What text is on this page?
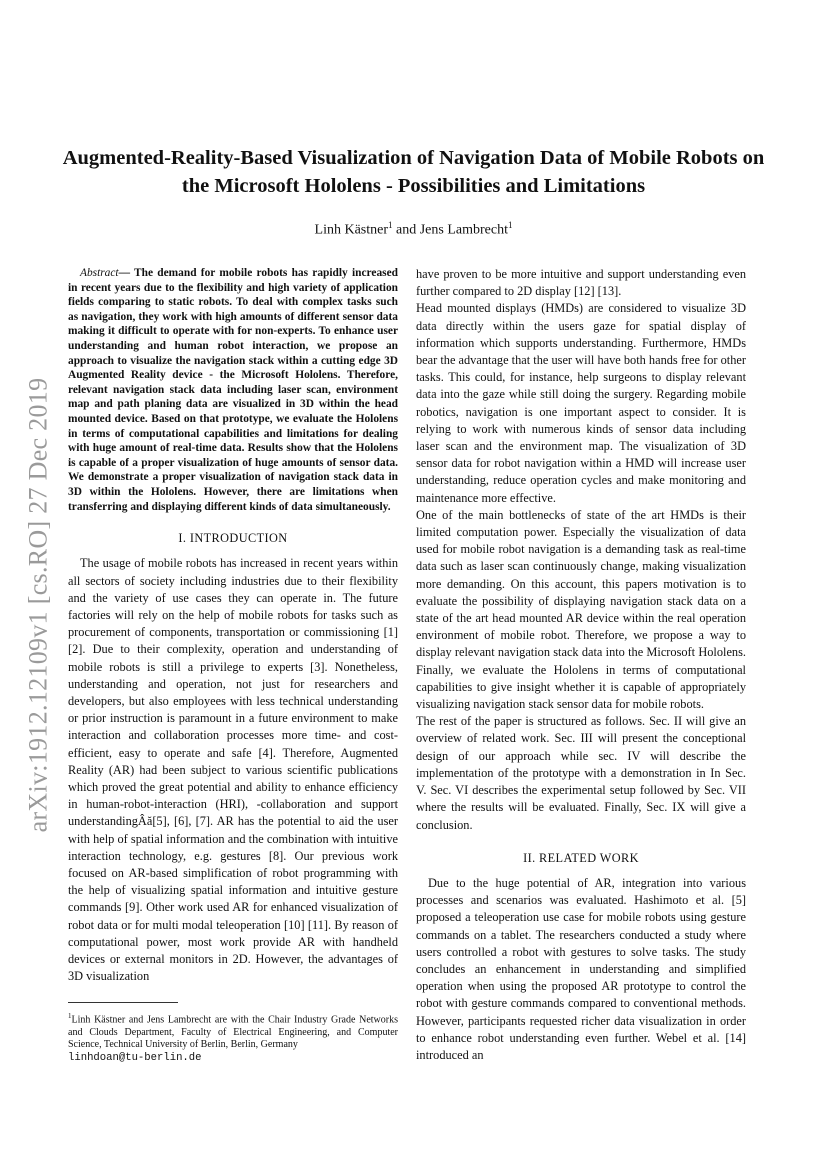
arXiv:1912.12109v1 [cs.RO] 27 Dec 2019
Augmented-Reality-Based Visualization of Navigation Data of Mobile Robots on the Microsoft Hololens - Possibilities and Limitations
Linh Kästner$^1$ and Jens Lambrecht$^1$

Abstract— The demand for mobile robots has rapidly increased in recent years due to the flexibility and high variety of application fields comparing to static robots. To deal with complex tasks such as navigation, they work with high amounts of different sensor data making it difficult to operate with for non-experts. To enhance user understanding and human robot interaction, we propose an approach to visualize the navigation stack within a cutting edge 3D Augmented Reality device - the Microsoft Hololens. Therefore, relevant navigation stack data including laser scan, environment map and path planing data are visualized in 3D within the head mounted device. Based on that prototype, we evaluate the Hololens in terms of computational capabilities and limitations for dealing with huge amount of real-time data. Results show that the Hololens is capable of a proper visualization of huge amounts of sensor data. We demonstrate a proper visualization of navigation stack data in 3D within the Hololens. However, there are limitations when transferring and displaying different kinds of data simultaneously.

I. INTRODUCTION

The usage of mobile robots has increased in recent years within all sectors of society including industries due to their flexibility and the variety of use cases they can operate in. The future factories will rely on the help of mobile robots for tasks such as procurement of components, transportation or commissioning [1] [2]. Due to their complexity, operation and understanding of mobile robots is still a privilege to experts [3]. Nonetheless, understanding and operation, not just for researchers and developers, but also employees with less technical understanding or prior instruction is paramount in a future environment to make interaction and collaboration processes more time- and cost-efficient, easy to operate and safe [4]. Therefore, Augmented Reality (AR) had been subject to various scientific publications which proved the great potential and ability to enhance efficiency in human-robot-interaction (HRI), -collaboration and support understandingÂă[5], [6], [7]. AR has the potential to aid the user with help of spatial information and the combination with intuitive interaction technology, e.g. gestures [8]. Our previous work focused on AR-based simplification of robot programming with the help of visualizing spatial information and intuitive gesture commands [9]. Other work used AR for enhanced visualization of robot data or for multi modal teleoperation [10] [11]. By reason of computational power, most work provide AR with handheld devices or external monitors in 2D. However, the advantages of 3D visualization

$^1$Linh Kästner and Jens Lambrecht are with the Chair Industry Grade Networks and Clouds Department, Faculty of Electrical Engineering, and Computer Science, Technical University of Berlin, Berlin, Germany
linhdoan@tu-berlin.de

have proven to be more intuitive and support understanding even further compared to 2D display [12] [13].

Head mounted displays (HMDs) are considered to visualize 3D data directly within the users gaze for spatial display of information which supports understanding. Furthermore, HMDs bear the advantage that the user will have both hands free for other tasks. This could, for instance, help surgeons to display relevant data into the gaze while still doing the surgery. Regarding mobile robotics, navigation is one important aspect to consider. It is relying to work with numerous kinds of sensor data including laser scan and the environment map. The visualization of 3D sensor data for robot navigation within a HMD will increase user understanding, reduce operation cycles and make monitoring and maintenance more effective.

One of the main bottlenecks of state of the art HMDs is their limited computation power. Especially the visualization of data used for mobile robot navigation is a demanding task as real-time data such as laser scan continuously change, making visualization more demanding. On this account, this papers motivation is to evaluate the possibility of displaying navigation stack data on a state of the art head mounted AR device within the real operation environment of mobile robot. Therefore, we propose a way to display relevant navigation stack data into the Microsoft Hololens. Finally, we evaluate the Hololens in terms of computational capabilities to give insight whether it is capable of appropriately visualizing navigation stack sensor data for mobile robots.

The rest of the paper is structured as follows. Sec. II will give an overview of related work. Sec. III will present the conceptional design of our approach while sec. IV will describe the implementation of the prototype with a demonstration in In Sec. V. Sec. VI describes the experimental setup followed by Sec. VII where the results will be evaluated. Finally, Sec. IX will give a conclusion.

II. RELATED WORK

Due to the huge potential of AR, integration into various processes and scenarios was evaluated. Hashimoto et al. [5] proposed a teleoperation use case for mobile robots using gesture commands on a tablet. The researchers conducted a study where users controlled a robot with gestures to solve tasks. The study concludes an enhancement in understanding and simplified operation when using the proposed AR prototype to control the robot with gesture commands compared to conventional methods. However, participants requested richer data visualization in order to enhance robot understanding even further. Webel et al. [14] introduced an
